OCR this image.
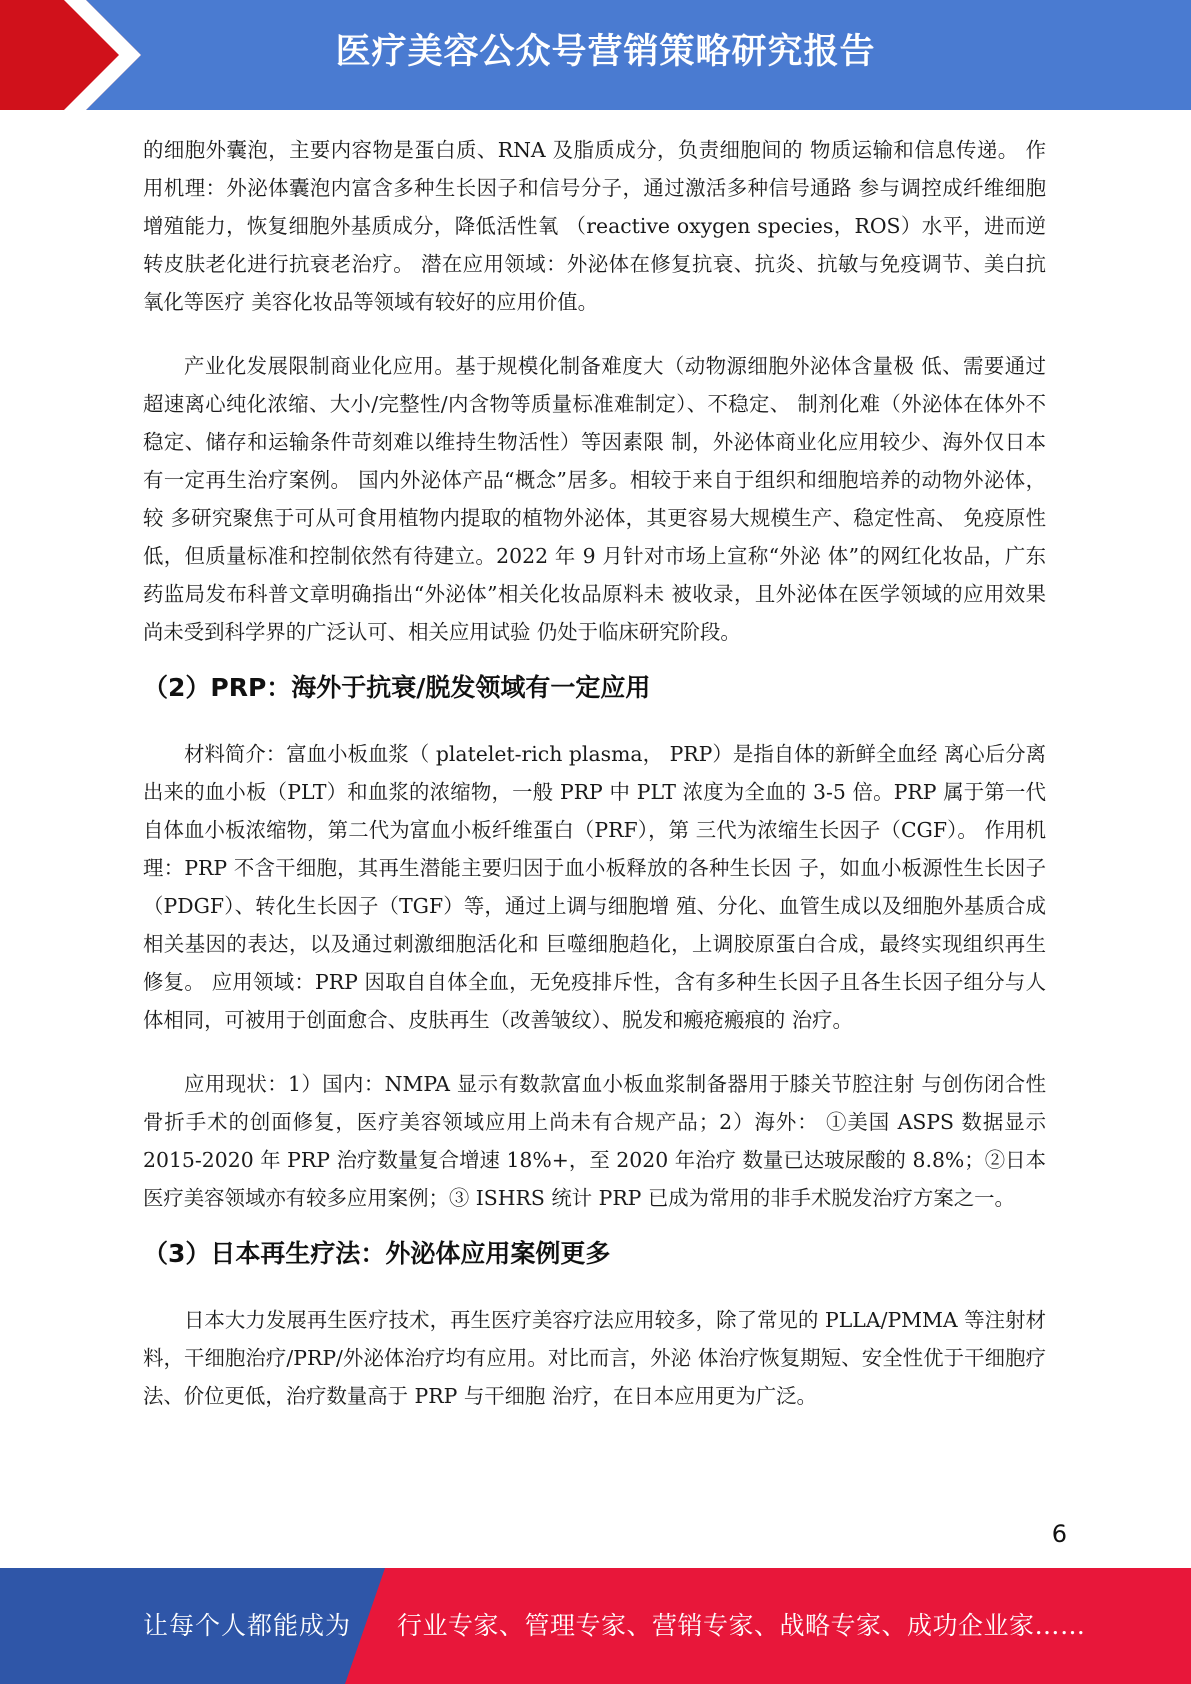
医疗美容公众号营销策略研究报告

的细胞外囊泡，主要内容物是蛋白质、RNA 及脂质成分，负责细胞间的 物质运输和信息传递。 作用机理：外泌体囊泡内富含多种生长因子和信号分子，通过激活多种信号通路 参与调控成纤维细胞增殖能力，恢复细胞外基质成分，降低活性氧 （reactive oxygen species，ROS）水平，进而逆转皮肤老化进行抗衰老治疗。 潜在应用领域：外泌体在修复抗衰、抗炎、抗敏与免疫调节、美白抗氧化等医疗 美容化妆品等领域有较好的应用价值。

产业化发展限制商业化应用。基于规模化制备难度大（动物源细胞外泌体含量极 低、需要通过超速离心纯化浓缩、大小/完整性/内含物等质量标准难制定）、不稳定、 制剂化难（外泌体在体外不稳定、储存和运输条件苛刻难以维持生物活性）等因素限 制，外泌体商业化应用较少、海外仅日本有一定再生治疗案例。 国内外泌体产品“概念”居多。相较于来自于组织和细胞培养的动物外泌体，较 多研究聚焦于可从可食用植物内提取的植物外泌体，其更容易大规模生产、稳定性高、 免疫原性低，但质量标准和控制依然有待建立。2022 年 9 月针对市场上宣称“外泌 体”的网红化妆品，广东药监局发布科普文章明确指出“外泌体”相关化妆品原料未 被收录，且外泌体在医学领域的应用效果尚未受到科学界的广泛认可、相关应用试验 仍处于临床研究阶段。

（2）PRP：海外于抗衰/脱发领域有一定应用

材料简介：富血小板血浆（ platelet-rich plasma， PRP）是指自体的新鲜全血经 离心后分离出来的血小板（PLT）和血浆的浓缩物，一般 PRP 中 PLT 浓度为全血的 3-5 倍。PRP 属于第一代自体血小板浓缩物，第二代为富血小板纤维蛋白（PRF），第 三代为浓缩生长因子（CGF）。 作用机理：PRP 不含干细胞，其再生潜能主要归因于血小板释放的各种生长因 子，如血小板源性生长因子（PDGF）、转化生长因子（TGF）等，通过上调与细胞增 殖、分化、血管生成以及细胞外基质合成相关基因的表达，以及通过刺激细胞活化和 巨噬细胞趋化，上调胶原蛋白合成，最终实现组织再生修复。 应用领域：PRP 因取自自体全血，无免疫排斥性，含有多种生长因子且各生长因子组分与人体相同，可被用于创面愈合、皮肤再生（改善皱纹）、脱发和瘢疮瘢痕的 治疗。

应用现状：1）国内：NMPA 显示有数款富血小板血浆制备器用于膝关节腔注射 与创伤闭合性骨折手术的创面修复，医疗美容领域应用上尚未有合规产品；2）海外： ①美国 ASPS 数据显示 2015-2020 年 PRP 治疗数量复合增速 18%+，至 2020 年治疗 数量已达玻尿酸的 8.8%；②日本医疗美容领域亦有较多应用案例；③ ISHRS 统计 PRP 已成为常用的非手术脱发治疗方案之一。

（3）日本再生疗法：外泌体应用案例更多

日本大力发展再生医疗技术，再生医疗美容疗法应用较多，除了常见的 PLLA/PMMA 等注射材料，干细胞治疗/PRP/外泌体治疗均有应用。对比而言，外泌 体治疗恢复期短、安全性优于干细胞疗法、价位更低，治疗数量高于 PRP 与干细胞 治疗，在日本应用更为广泛。

6
让每个人都能成为 行业专家、管理专家、营销专家、战略专家、成功企业家……
